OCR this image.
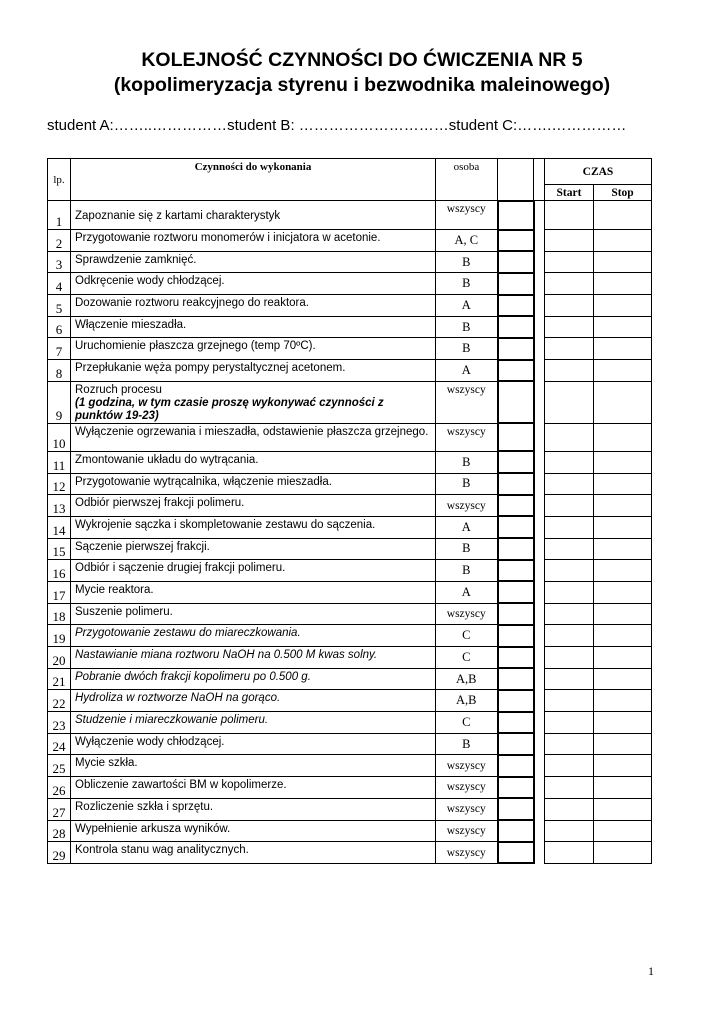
KOLEJNOŚĆ CZYNNOŚCI DO ĆWICZENIA NR 5
(kopolimeryzacja styrenu i bezwodnika maleinowego)
student A:……..……………student B: …………………………student C:…….……………
lp.	Czynności do wykonania	osoba			CZAS	
					Start	Stop
1	Zapoznanie się z kartami charakterystyk	wszyscy				
2	Przygotowanie roztworu monomerów i inicjatora w acetonie.	A, C				
3	Sprawdzenie zamknięć.	B				
4	Odkręcenie wody chłodzącej.	B				
5	Dozowanie roztworu reakcyjnego do reaktora.	A				
6	Włączenie mieszadła.	B				
7	Uruchomienie płaszcza grzejnego (temp 70ºC).	B				
8	Przepłukanie węża pompy perystaltycznej acetonem.	A				
9	Rozruch procesu
(1 godzina, w tym czasie proszę wykonywać czynności z punktów 19-23)	wszyscy				
10	Wyłączenie ogrzewania i mieszadła, odstawienie płaszcza grzejnego.	wszyscy				
11	Zmontowanie układu do wytrącania.	B				
12	Przygotowanie wytrącalnika, włączenie mieszadła.	B				
13	Odbiór pierwszej frakcji polimeru.	wszyscy				
14	Wykrojenie sączka i skompletowanie zestawu do sączenia.	A				
15	Sączenie pierwszej frakcji.	B				
16	Odbiór i sączenie drugiej frakcji polimeru.	B				
17	Mycie reaktora.	A				
18	Suszenie polimeru.	wszyscy				
19	Przygotowanie zestawu do miareczkowania.	C				
20	Nastawianie miana roztworu NaOH na 0.500 M kwas solny.	C				
21	Pobranie dwóch frakcji kopolimeru po 0.500 g.	A,B				
22	Hydroliza w roztworze NaOH na gorąco.	A,B				
23	Studzenie i miareczkowanie polimeru.	C				
24	Wyłączenie wody chłodzącej.	B				
25	Mycie szkła.	wszyscy				
26	Obliczenie zawartości BM w kopolimerze.	wszyscy				
27	Rozliczenie szkła i sprzętu.	wszyscy				
28	Wypełnienie arkusza wyników.	wszyscy				
29	Kontrola stanu wag analitycznych.	wszyscy				
1
